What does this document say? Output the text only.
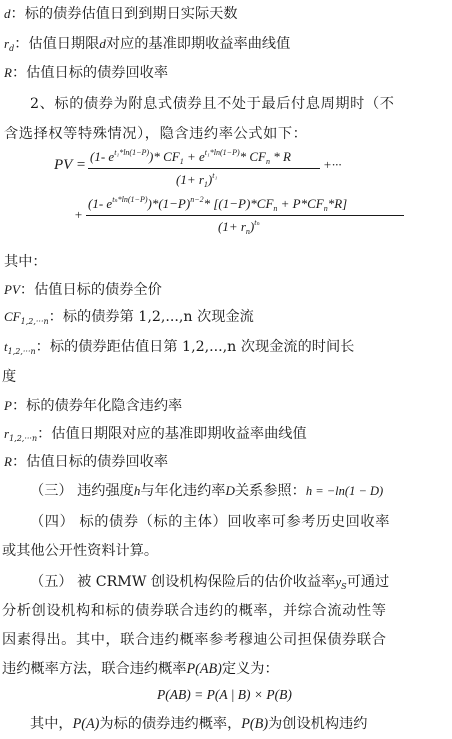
d：标的债券估值日到到期日实际天数
$r_d$：估值日期限d对应的基准即期收益率曲线值
R：估值日标的债券回收率
2、标的债券为附息式债券且不处于最后付息周期时（不
含选择权等特殊情况），隐含违约率公式如下：
PV =
(1- $e^{t_1*ln(1-P)})*$ $CF_1 + e^{t_1*ln(1-P)}*$ $CF_n$ * R
$(1+ r_1)^{t_1}$
+···
+
(1- $e^{t_n*ln(1-P)})*(1-P)^{n-2}*$ $[(1-P)*CF_n + P*CF_n*R]$
$(1+ r_n)^{t_n}$
其中：
PV：估值日标的债券全价
$CF_{1,2,\cdot\cdot\cdot n}$：标的债券第 1,2,...,n 次现金流
$t_{1,2,\cdot\cdot\cdot n}$：标的债券距估值日第 1,2,...,n 次现金流的时间长
度
P：标的债券年化隐含违约率
$r_{1,2,\cdot\cdot\cdot n}$：估值日期限对应的基准即期收益率曲线值
R：估值日标的债券回收率
（三） 违约强度h与年化违约率D关系参照：h = −ln(1 − D)
（四） 标的债券（标的主体）回收率可参考历史回收率
或其他公开性资料计算。
（五） 被 CRMW 创设机构保险后的估价收益率$y_S$可通过
分析创设机构和标的债券联合违约的概率，并综合流动性等
因素得出。其中，联合违约概率参考穆迪公司担保债券联合
违约概率方法，联合违约概率P(AB)定义为：
P(AB) = P(A | B) × P(B)
其中，P(A)为标的债券违约概率，P(B)为创设机构违约
